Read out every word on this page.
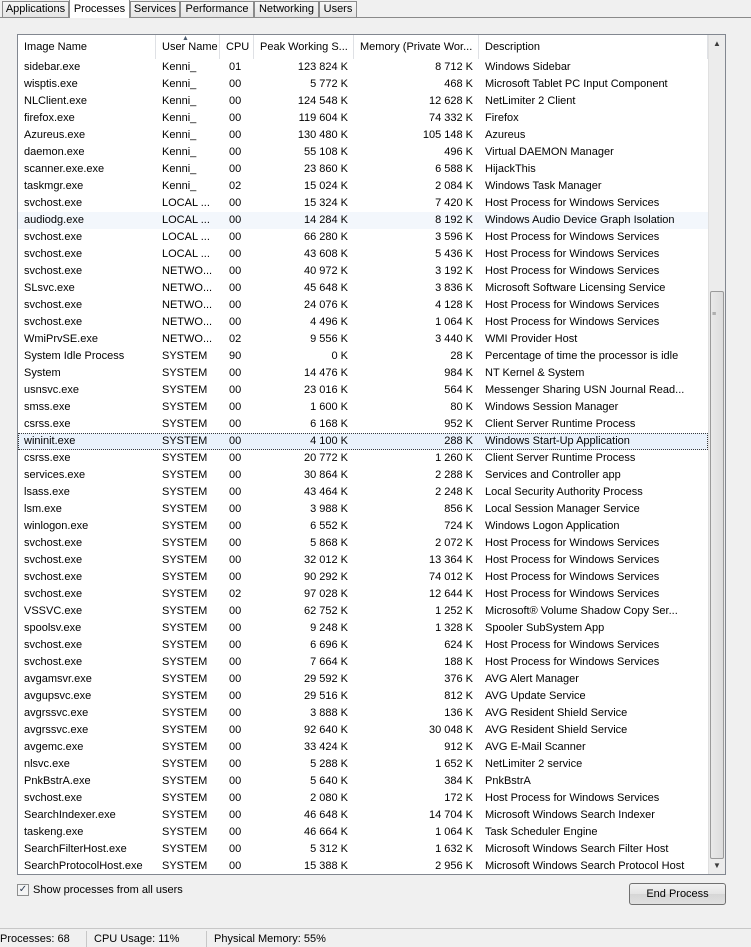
Applications Processes Services Performance Networking Users
Image Name
▲
User Name CPU Peak Working S...	Memory (Private Wor...	Description
sidebar.exe	Kenni_	01	123 824 K	8 712 K Windows Sidebar
wisptis.exe	Kenni_	00	5 772 K	468 K Microsoft Tablet PC Input Component
NLClient.exe	Kenni_	00	124 548 K	12 628 K NetLimiter 2 Client
firefox.exe	Kenni_	00	119 604 K	74 332 K Firefox
Azureus.exe	Kenni_	00	130 480 K	105 148 K Azureus
daemon.exe	Kenni_	00	55 108 K	496 K Virtual DAEMON Manager
scanner.exe.exe	Kenni_	00	23 860 K	6 588 K HijackThis
taskmgr.exe	Kenni_	02	15 024 K	2 084 K Windows Task Manager
svchost.exe	LOCAL ...	00	15 324 K	7 420 K Host Process for Windows Services
audiodg.exe	LOCAL ...	00	14 284 K	8 192 K Windows Audio Device Graph Isolation
svchost.exe	LOCAL ...	00	66 280 K	3 596 K Host Process for Windows Services
svchost.exe	LOCAL ...	00	43 608 K	5 436 K Host Process for Windows Services
svchost.exe	NETWO...	00	40 972 K	3 192 K Host Process for Windows Services
SLsvc.exe	NETWO...	00	45 648 K	3 836 K Microsoft Software Licensing Service
svchost.exe	NETWO...	00	24 076 K	4 128 K Host Process for Windows Services
svchost.exe	NETWO...	00	4 496 K	1 064 K Host Process for Windows Services
WmiPrvSE.exe	NETWO...	02	9 556 K	3 440 K WMI Provider Host
System Idle Process	SYSTEM	90	0 K	28 K Percentage of time the processor is idle
System	SYSTEM	00	14 476 K	984 K NT Kernel & System
usnsvc.exe	SYSTEM	00	23 016 K	564 K Messenger Sharing USN Journal Read...
smss.exe	SYSTEM	00	1 600 K	80 K Windows Session Manager
csrss.exe	SYSTEM	00	6 168 K	952 K Client Server Runtime Process
wininit.exe	SYSTEM	00	4 100 K	288 K Windows Start-Up Application
csrss.exe	SYSTEM	00	20 772 K	1 260 K Client Server Runtime Process
services.exe	SYSTEM	00	30 864 K	2 288 K Services and Controller app
lsass.exe	SYSTEM	00	43 464 K	2 248 K Local Security Authority Process
lsm.exe	SYSTEM	00	3 988 K	856 K Local Session Manager Service
winlogon.exe	SYSTEM	00	6 552 K	724 K Windows Logon Application
svchost.exe	SYSTEM	00	5 868 K	2 072 K Host Process for Windows Services
svchost.exe	SYSTEM	00	32 012 K	13 364 K Host Process for Windows Services
svchost.exe	SYSTEM	00	90 292 K	74 012 K Host Process for Windows Services
svchost.exe	SYSTEM	02	97 028 K	12 644 K Host Process for Windows Services
VSSVC.exe	SYSTEM	00	62 752 K	1 252 K Microsoft® Volume Shadow Copy Ser...
spoolsv.exe	SYSTEM	00	9 248 K	1 328 K Spooler SubSystem App
svchost.exe	SYSTEM	00	6 696 K	624 K Host Process for Windows Services
svchost.exe	SYSTEM	00	7 664 K	188 K Host Process for Windows Services
avgamsvr.exe	SYSTEM	00	29 592 K	376 K AVG Alert Manager
avgupsvc.exe	SYSTEM	00	29 516 K	812 K AVG Update Service
avgrssvc.exe	SYSTEM	00	3 888 K	136 K AVG Resident Shield Service
avgrssvc.exe	SYSTEM	00	92 640 K	30 048 K AVG Resident Shield Service
avgemc.exe	SYSTEM	00	33 424 K	912 K AVG E-Mail Scanner
nlsvc.exe	SYSTEM	00	5 288 K	1 652 K NetLimiter 2 service
PnkBstrA.exe	SYSTEM	00	5 640 K	384 K PnkBstrA
svchost.exe	SYSTEM	00	2 080 K	172 K Host Process for Windows Services
SearchIndexer.exe	SYSTEM	00	46 648 K	14 704 K Microsoft Windows Search Indexer
taskeng.exe	SYSTEM	00	46 664 K	1 064 K Task Scheduler Engine
SearchFilterHost.exe	SYSTEM	00	5 312 K	1 632 K Microsoft Windows Search Filter Host
SearchProtocolHost.exe	SYSTEM	00	15 388 K	2 956 K Microsoft Windows Search Protocol Host
▲
≡
▼
✓ Show processes from all users	End Process
Processes: 68 CPU Usage: 11%	Physical Memory: 55%
